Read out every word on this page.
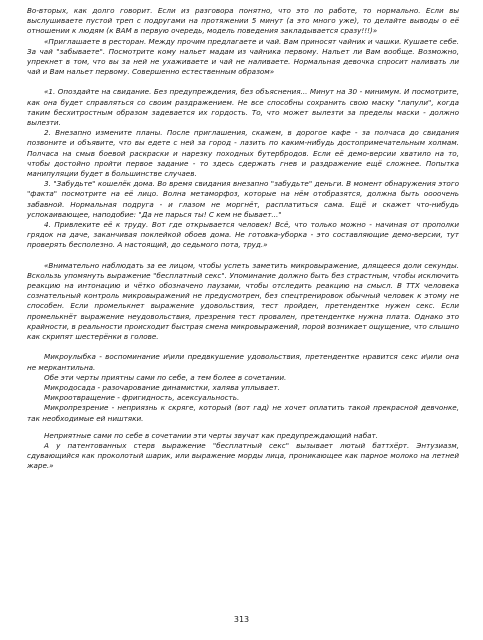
Во-вторых, как долго говорит. Если из разговора понятно, что это по работе, то нормально. Если вы выслушиваете пустой треп с подругами на протяжении 5 минут (а это много уже), то делайте выводы о её отношении к людям (к ВАМ в первую очередь, модель поведения закладывается сразу!!!)»

«Приглашаете в ресторан. Между прочим предлагаете и чай. Вам приносят чайник и чашки. Кушаете себе. За чай "забываете". Посмотрите кому нальет мадам из чайника первому. Нальет ли Вам вообще. Возможно, упрекнет в том, что вы за ней не ухаживаете и чай не наливаете. Нормальная девочка спросит наливать ли чай и Вам нальет первому. Совершенно естественным образом»

«1. Опоздайте на свидание. Без предупреждения, без объяснения... Минут на 30 - минимум. И посмотрите, как она будет справляться со своим раздражением. Не все способны сохранить свою маску "лапули", когда таким бесхитростным образом задевается их гордость. То, что может вылезти за пределы маски - должно вылезти.

2. Внезапно измените планы. После приглашения, скажем, в дорогое кафе - за полчаса до свидания позвоните и объявите, что вы едете с ней за город - лазить по каким-нибудь достопримечательным холмам. Полчаса на смыв боевой раскраски и нарезку походных бутербродов. Если её демо-версии хватило на то, чтобы достойно пройти первое задание - то здесь сдержать гнев и раздражение ещё сложнее. Попытка манипуляции будет в большинстве случаев.

3. "Забудьте" кошелёк дома. Во время свидания внезапно "забудьте" деньги. В момент обнаружения этого "факта" посмотрите на её лицо. Волна метаморфоз, которые на нём отобразятся, должна быть оооочень забавной. Нормальная подруга - и глазом не моргнёт, расплатиться сама. Ещё и скажет что-нибудь успокаивающее, наподобие: "Да не парься ты! С кем не бывает..."

4. Привлеките её к труду. Вот где открывается человек! Всё, что только можно - начиная от прополки грядок на даче, заканчивая поклейкой обоев дома. Не готовка-уборка - это составляющие демо-версии, тут проверять бесполезно. А настоящий, до седьмого пота, труд.»

«Внимательно наблюдать за ее лицом, чтобы успеть заметить микровыражение, длящееся доли секунды. Вскользь упомянуть выражение "бесплатный секс". Упоминание должно быть без страстным, чтобы исключить реакцию на интонацию и чётко обозначено паузами, чтобы отследить реакцию на смысл. В ТТХ человека сознательный контроль микровыражений не предусмотрен, без спецтренировок обычный человек к этому не способен. Если промелькнет выражение удовольствия, тест пройден, претендентке нужен секс. Если промелькнёт выражение неудовольствия, презрения тест провален, претендентке нужна плата. Однако это крайности, в реальности происходит быстрая смена микровыражений, порой возникает ощущение, что слышно как скрипят шестерёнки в голове.

Микроулыбка - воспоминание и\или предвкушение удовольствия, претендентке нравится секс и\или она не меркантильна.

Обе эти черты приятны сами по себе, а тем более в сочетании.

Микродосада - разочарование динамистки, халява уплывает.

Микроотвращение - фригидность, асексуальность.

Микропрезрение - неприязнь к скряге, который (вот гад) не хочет оплатить такой прекрасной девчонке, так необходимые ей ништяки.

Неприятные сами по себе в сочетании эти черты звучат как предупреждающий набат.

А у патентованных стерв выражение "бесплатный секс" вызывает лютый баттхёрт. Энтузиазм, сдувающийся как проколотый шарик, или выражение морды лица, проникающее как парное молоко на летней жаре.»

313
